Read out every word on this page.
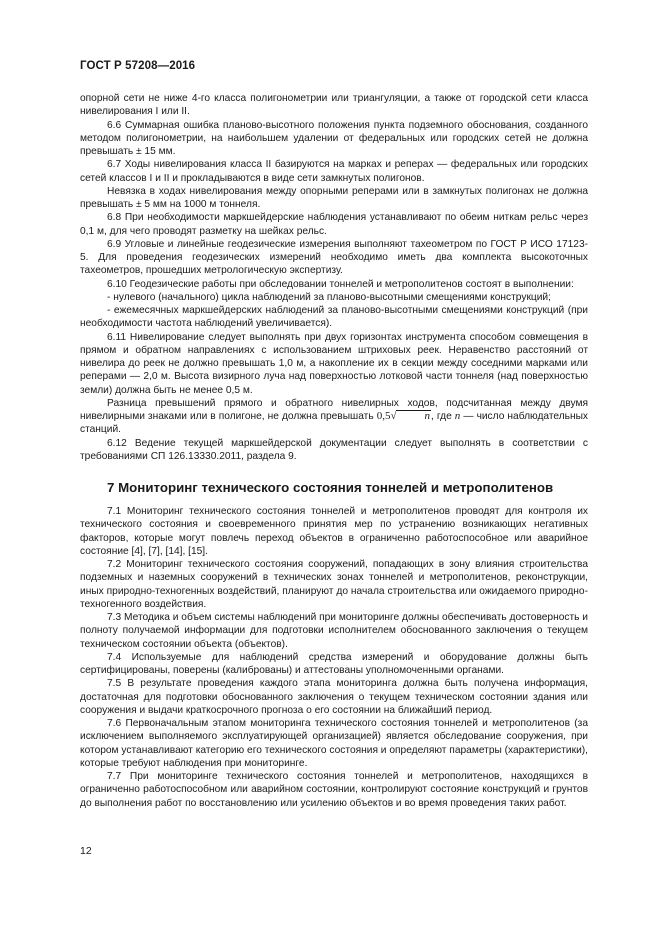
ГОСТ Р 57208—2016

опорной сети не ниже 4-го класса полигонометрии или триангуляции, а также от городской сети класса нивелирования I или II.

6.6 Суммарная ошибка планово-высотного положения пункта подземного обоснования, созданного методом полигонометрии, на наибольшем удалении от федеральных или городских сетей не должна превышать ± 15 мм.

6.7 Ходы нивелирования класса II базируются на марках и реперах — федеральных или городских сетей классов I и II и прокладываются в виде сети замкнутых полигонов.

Невязка в ходах нивелирования между опорными реперами или в замкнутых полигонах не должна превышать ± 5 мм на 1000 м тоннеля.

6.8 При необходимости маркшейдерские наблюдения устанавливают по обеим ниткам рельс через 0,1 м, для чего проводят разметку на шейках рельс.

6.9 Угловые и линейные геодезические измерения выполняют тахеометром по ГОСТ Р ИСО 17123-5. Для проведения геодезических измерений необходимо иметь два комплекта высокоточных тахеометров, прошедших метрологическую экспертизу.

6.10 Геодезические работы при обследовании тоннелей и метрополитенов состоят в выполнении:

- нулевого (начального) цикла наблюдений за планово-высотными смещениями конструкций;

- ежемесячных маркшейдерских наблюдений за планово-высотными смещениями конструкций (при необходимости частота наблюдений увеличивается).

6.11 Нивелирование следует выполнять при двух горизонтах инструмента способом совмещения в прямом и обратном направлениях с использованием штриховых реек. Неравенство расстояний от нивелира до реек не должно превышать 1,0 м, а накопление их в секции между соседними марками или реперами — 2,0 м. Высота визирного луча над поверхностью лотковой части тоннеля (над поверхностью земли) должна быть не менее 0,5 м.

Разница превышений прямого и обратного нивелирных ходов, подсчитанная между двумя нивелирными знаками или в полигоне, не должна превышать 0,5√	n, где n — число наблюдательных станций.

6.12 Ведение текущей маркшейдерской документации следует выполнять в соответствии с требованиями СП 126.13330.2011, раздела 9.

7 Мониторинг технического состояния тоннелей и метрополитенов

7.1 Мониторинг технического состояния тоннелей и метрополитенов проводят для контроля их технического состояния и своевременного принятия мер по устранению возникающих негативных факторов, которые могут повлечь переход объектов в ограниченно работоспособное или аварийное состояние [4], [7], [14], [15].

7.2 Мониторинг технического состояния сооружений, попадающих в зону влияния строительства подземных и наземных сооружений в технических зонах тоннелей и метрополитенов, реконструкции, иных природно-техногенных воздействий, планируют до начала строительства или ожидаемого природно-техногенного воздействия.

7.3 Методика и объем системы наблюдений при мониторинге должны обеспечивать достоверность и полноту получаемой информации для подготовки исполнителем обоснованного заключения о текущем техническом состоянии объекта (объектов).

7.4 Используемые для наблюдений средства измерений и оборудование должны быть сертифицированы, поверены (калиброваны) и аттестованы уполномоченными органами.

7.5 В результате проведения каждого этапа мониторинга должна быть получена информация, достаточная для подготовки обоснованного заключения о текущем техническом состоянии здания или сооружения и выдачи краткосрочного прогноза о его состоянии на ближайший период.

7.6 Первоначальным этапом мониторинга технического состояния тоннелей и метрополитенов (за исключением выполняемого эксплуатирующей организацией) является обследование сооружения, при котором устанавливают категорию его технического состояния и определяют параметры (характеристики), которые требуют наблюдения при мониторинге.

7.7 При мониторинге технического состояния тоннелей и метрополитенов, находящихся в ограниченно работоспособном или аварийном состоянии, контролируют состояние конструкций и грунтов до выполнения работ по восстановлению или усилению объектов и во время проведения таких работ.

12
